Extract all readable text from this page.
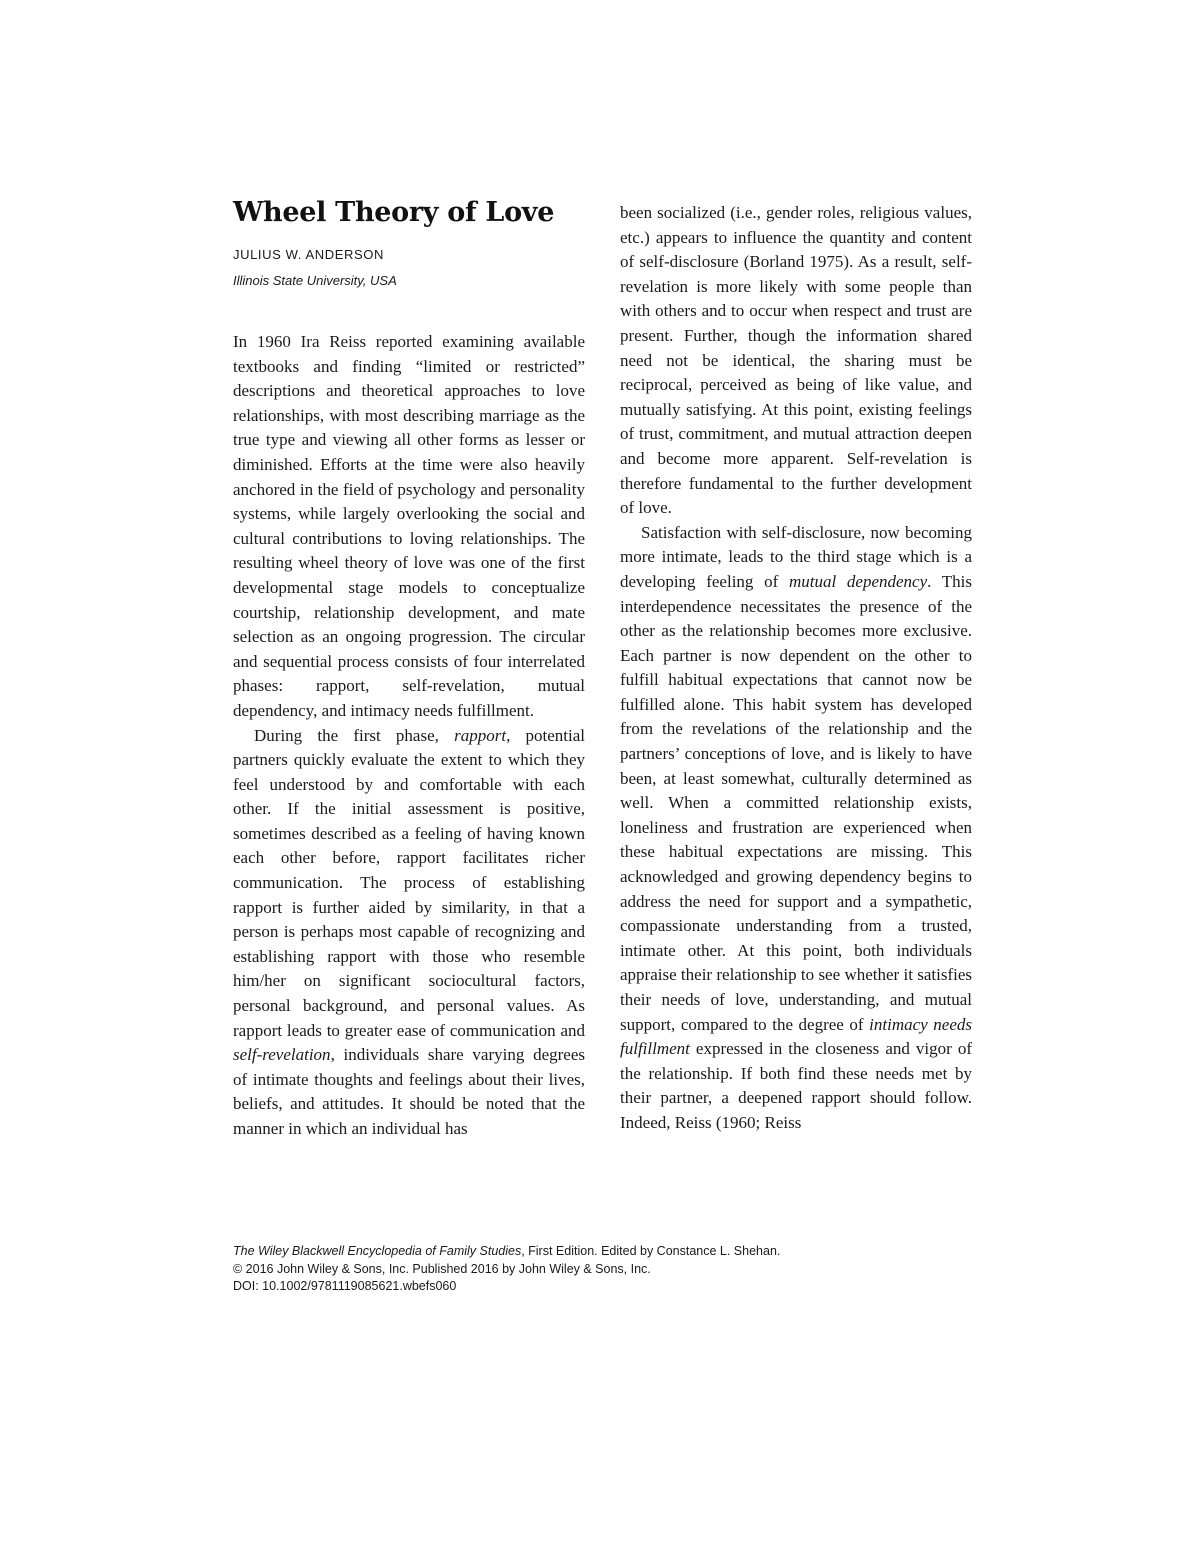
Wheel Theory of Love
JULIUS W. ANDERSON
Illinois State University, USA

In 1960 Ira Reiss reported examining available textbooks and finding “limited or restricted” descriptions and theoretical approaches to love relationships, with most describing marriage as the true type and viewing all other forms as lesser or diminished. Efforts at the time were also heavily anchored in the field of psychology and personality systems, while largely overlooking the social and cultural contributions to loving relationships. The resulting wheel theory of love was one of the first developmental stage models to conceptualize courtship, relationship development, and mate selection as an ongoing progression. The circular and sequential process consists of four interrelated phases: rapport, self-revelation, mutual dependency, and intimacy needs fulfillment.

During the first phase, rapport, potential partners quickly evaluate the extent to which they feel understood by and comfortable with each other. If the initial assessment is positive, sometimes described as a feeling of having known each other before, rapport facilitates richer communication. The process of establishing rapport is further aided by similarity, in that a person is perhaps most capable of recognizing and establishing rapport with those who resemble him/her on significant sociocultural factors, personal background, and personal values. As rapport leads to greater ease of communication and self-revelation, individuals share varying degrees of intimate thoughts and feelings about their lives, beliefs, and attitudes. It should be noted that the manner in which an individual has

been socialized (i.e., gender roles, religious values, etc.) appears to influence the quantity and content of self-disclosure (Borland 1975). As a result, self-revelation is more likely with some people than with others and to occur when respect and trust are present. Further, though the information shared need not be identical, the sharing must be reciprocal, perceived as being of like value, and mutually satisfying. At this point, existing feelings of trust, commitment, and mutual attraction deepen and become more apparent. Self-revelation is therefore fundamental to the further development of love.

Satisfaction with self-disclosure, now becoming more intimate, leads to the third stage which is a developing feeling of mutual dependency. This interdependence necessitates the presence of the other as the relationship becomes more exclusive. Each partner is now dependent on the other to fulfill habitual expectations that cannot now be fulfilled alone. This habit system has developed from the revelations of the relationship and the partners’ conceptions of love, and is likely to have been, at least somewhat, culturally determined as well. When a committed relationship exists, loneliness and frustration are experienced when these habitual expectations are missing. This acknowledged and growing dependency begins to address the need for support and a sympathetic, compassionate understanding from a trusted, intimate other. At this point, both individuals appraise their relationship to see whether it satisfies their needs of love, understanding, and mutual support, compared to the degree of intimacy needs fulfillment expressed in the closeness and vigor of the relationship. If both find these needs met by their partner, a deepened rapport should follow. Indeed, Reiss (1960; Reiss

The Wiley Blackwell Encyclopedia of Family Studies, First Edition. Edited by Constance L. Shehan.
© 2016 John Wiley & Sons, Inc. Published 2016 by John Wiley & Sons, Inc.
DOI: 10.1002/9781119085621.wbefs060
